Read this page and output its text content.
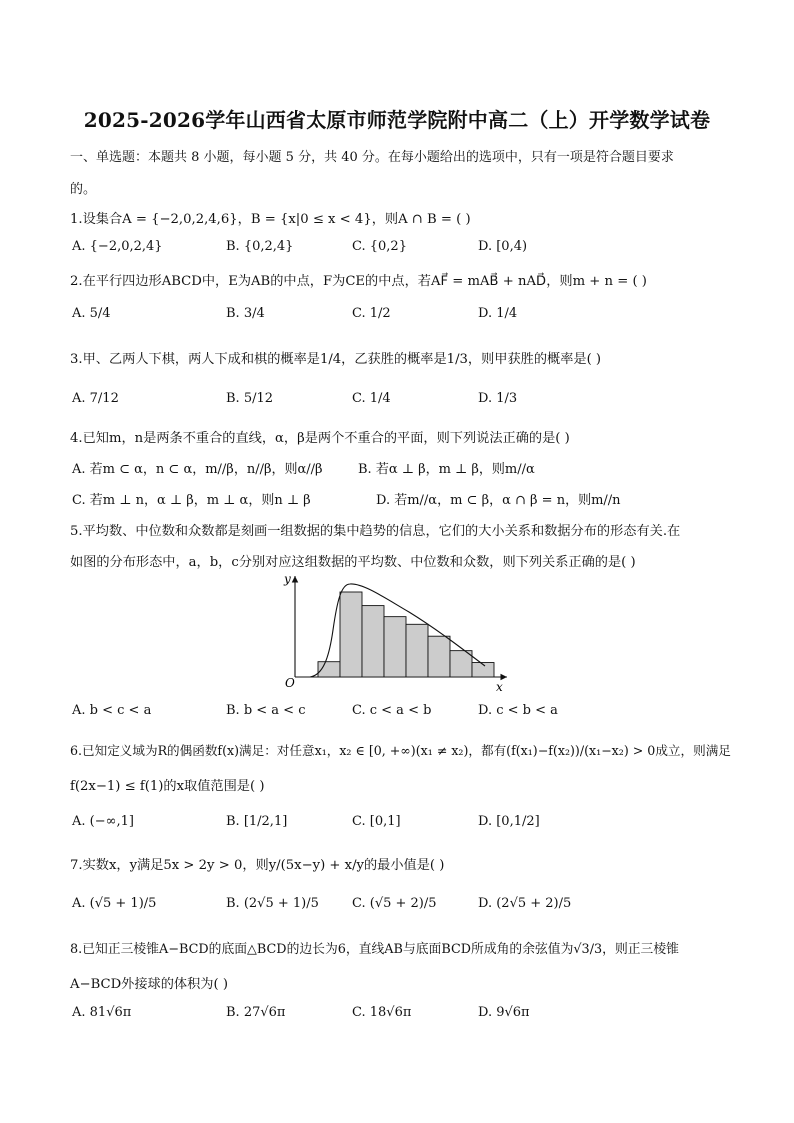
2025-2026学年山西省太原市师范学院附中高二（上）开学数学试卷
一、单选题：本题共 8 小题，每小题 5 分，共 40 分。在每小题给出的选项中，只有一项是符合题目要求
的。
1.设集合A = {−2,0,2,4,6}，B = {x|0 ≤ x < 4}，则A ∩ B = ( )
A. {−2,0,2,4}	B. {0,2,4}	C. {0,2}	D. [0,4)
2.在平行四边形ABCD中，E为AB的中点，F为CE的中点，若AF⃗ = mAB⃗ + nAD⃗，则m + n = ( )
A. 5/4	B. 3/4	C. 1/2	D. 1/4
3.甲、乙两人下棋，两人下成和棋的概率是1/4，乙获胜的概率是1/3，则甲获胜的概率是( )
A. 7/12	B. 5/12	C. 1/4	D. 1/3
4.已知m，n是两条不重合的直线，α，β是两个不重合的平面，则下列说法正确的是( )
A. 若m ⊂ α，n ⊂ α，m//β，n//β，则α//β	B. 若α ⊥ β，m ⊥ β，则m//α
C. 若m ⊥ n，α ⊥ β，m ⊥ α，则n ⊥ β	D. 若m//α，m ⊂ β，α ∩ β = n，则m//n
5.平均数、中位数和众数都是刻画一组数据的集中趋势的信息，它们的大小关系和数据分布的形态有关.在
如图的分布形态中，a，b，c分别对应这组数据的平均数、中位数和众数，则下列关系正确的是( )
y
x
O
A. b < c < a	B. b < a < c	C. c < a < b	D. c < b < a
6.已知定义域为R的偶函数f(x)满足：对任意x₁，x₂ ∈ [0, +∞)(x₁ ≠ x₂)，都有(f(x₁)−f(x₂))/(x₁−x₂) > 0成立，则满足
f(2x−1) ≤ f(1)的x取值范围是( )
A. (−∞,1]	B. [1/2,1]	C. [0,1]	D. [0,1/2]
7.实数x，y满足5x > 2y > 0，则y/(5x−y) + x/y的最小值是( )
A. (√5 + 1)/5	B. (2√5 + 1)/5	C. (√5 + 2)/5	D. (2√5 + 2)/5
8.已知正三棱锥A−BCD的底面△BCD的边长为6，直线AB与底面BCD所成角的余弦值为√3/3，则正三棱锥
A−BCD外接球的体积为( )
A. 81√6π	B. 27√6π	C. 18√6π	D. 9√6π
